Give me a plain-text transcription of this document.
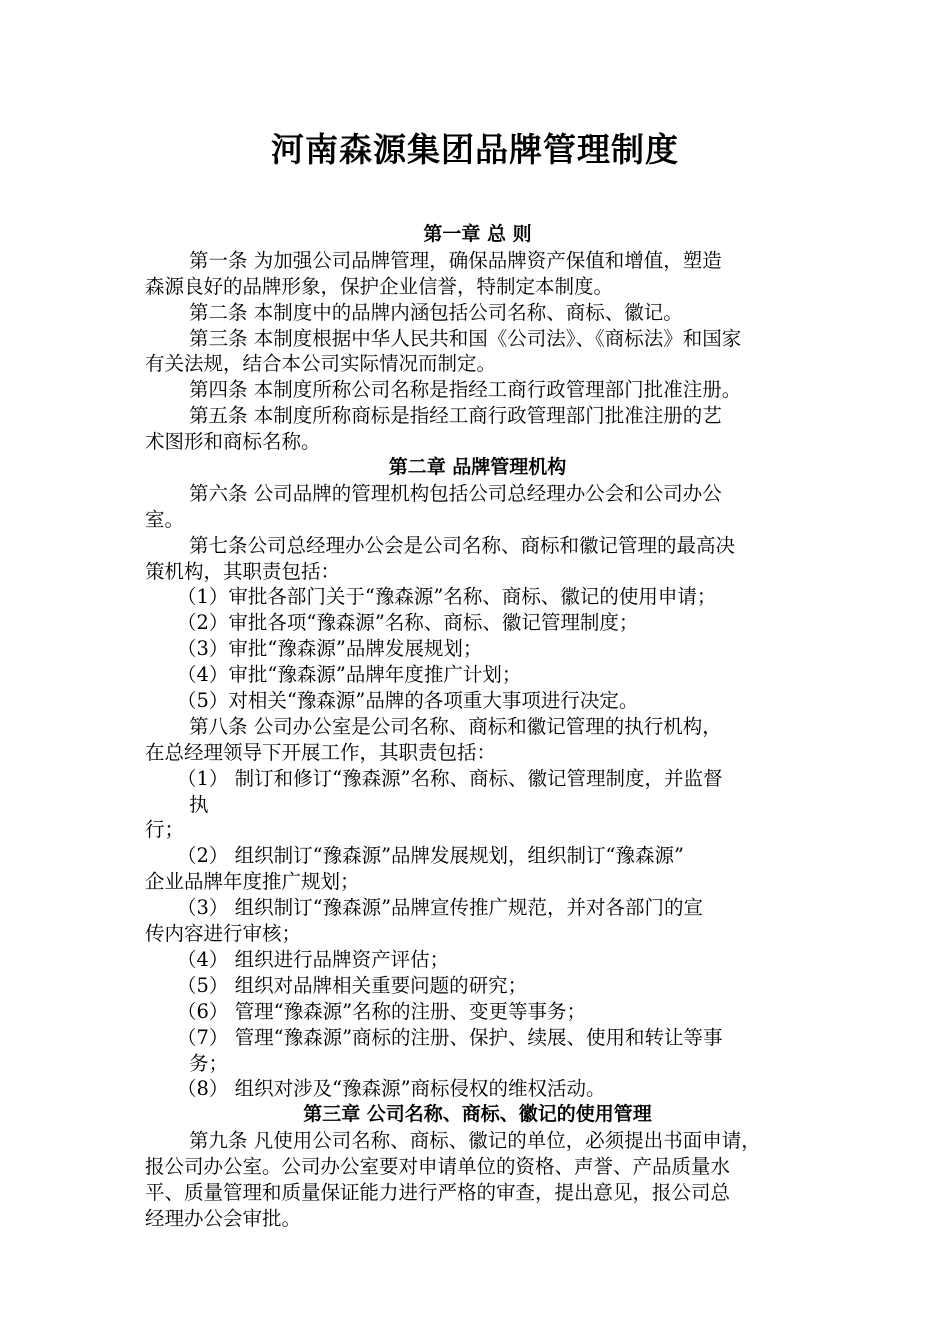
河南森源集团品牌管理制度
第一章 总 则
第一条 为加强公司品牌管理，确保品牌资产保值和增值，塑造
森源良好的品牌形象，保护企业信誉，特制定本制度。
第二条 本制度中的品牌内涵包括公司名称、商标、徽记。
第三条 本制度根据中华人民共和国《公司法》、《商标法》和国家
有关法规，结合本公司实际情况而制定。
第四条 本制度所称公司名称是指经工商行政管理部门批准注册。
第五条 本制度所称商标是指经工商行政管理部门批准注册的艺
术图形和商标名称。
第二章 品牌管理机构
第六条 公司品牌的管理机构包括公司总经理办公会和公司办公
室。
第七条公司总经理办公会是公司名称、商标和徽记管理的最高决
策机构，其职责包括：
（1）审批各部门关于“豫森源”名称、商标、徽记的使用申请；
（2）审批各项“豫森源”名称、商标、徽记管理制度；
（3）审批“豫森源”品牌发展规划；
（4）审批“豫森源”品牌年度推广计划；
（5）对相关“豫森源”品牌的各项重大事项进行决定。
第八条 公司办公室是公司名称、商标和徽记管理的执行机构，
在总经理领导下开展工作，其职责包括：
（1） 制订和修订“豫森源”名称、商标、徽记管理制度，并监督
执
行；
（2） 组织制订“豫森源”品牌发展规划，组织制订“豫森源”
企业品牌年度推广规划；
（3） 组织制订“豫森源”品牌宣传推广规范，并对各部门的宣
传内容进行审核；
（4） 组织进行品牌资产评估；
（5） 组织对品牌相关重要问题的研究；
（6） 管理“豫森源”名称的注册、变更等事务；
（7） 管理“豫森源”商标的注册、保护、续展、使用和转让等事
务；
（8） 组织对涉及“豫森源”商标侵权的维权活动。
第三章 公司名称、商标、徽记的使用管理
第九条 凡使用公司名称、商标、徽记的单位，必须提出书面申请，
报公司办公室。公司办公室要对申请单位的资格、声誉、产品质量水
平、质量管理和质量保证能力进行严格的审查，提出意见，报公司总
经理办公会审批。
